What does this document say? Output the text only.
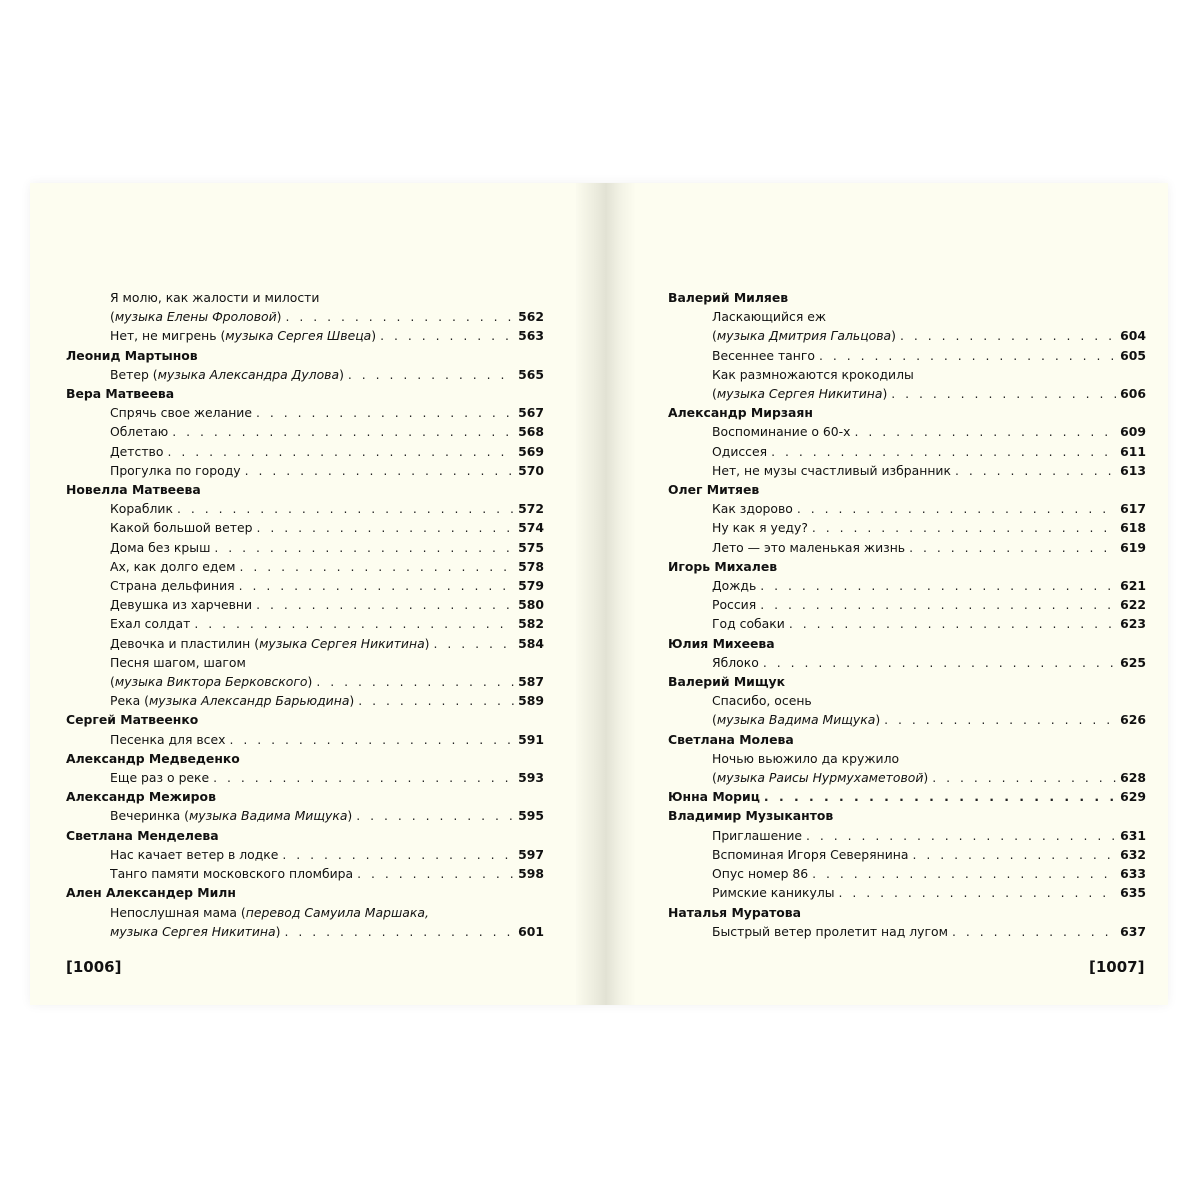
Я молю, как жалости и милости
(музыка Елены Фроловой) . . .	562
Нет, не мигрень (музыка Сергея Швеца) . . .	563
Леонид Мартынов
Ветер (музыка Александра Дулова) . . .	565
Вера Матвеева
Спрячь свое желание . . .	567
Облетаю . . .	568
Детство . . .	569
Прогулка по городу . . .	570
Новелла Матвеева
Кораблик . . .	572
Какой большой ветер . . .	574
Дома без крыш . . .	575
Ах, как долго едем . . .	578
Страна дельфиния . . .	579
Девушка из харчевни . . .	580
Ехал солдат . . .	582
Девочка и пластилин (музыка Сергея Никитина) . . .	584
Песня шагом, шагом
(музыка Виктора Берковского) . . .	587
Река (музыка Александр Барьюдина) . . .	589
Сергей Матвеенко
Песенка для всех . . .	591
Александр Медведенко
Еще раз о реке . . .	593
Александр Межиров
Вечеринка (музыка Вадима Мищука) . . .	595
Светлана Менделева
Нас качает ветер в лодке . . .	597
Танго памяти московского пломбира . . .	598
Ален Александер Милн
Непослушная мама (перевод Самуила Маршака,
музыка Сергея Никитина) . . .	601
Валерий Миляев
Ласкающийся еж
(музыка Дмитрия Гальцова) . . .	604
Весеннее танго . . .	605
Как размножаются крокодилы
(музыка Сергея Никитина) . . .	606
Александр Мирзаян
Воспоминание о 60-х . . .	609
Одиссея . . .	611
Нет, не музы счастливый избранник . . .	613
Олег Митяев
Как здорово . . .	617
Ну как я уеду? . . .	618
Лето — это маленькая жизнь . . .	619
Игорь Михалев
Дождь . . .	621
Россия . . .	622
Год собаки . . .	623
Юлия Михеева
Яблоко . . .	625
Валерий Мищук
Спасибо, осень
(музыка Вадима Мищука) . . .	626
Светлана Молева
Ночью вьюжило да кружило
(музыка Раисы Нурмухаметовой) . . .	628
Юнна Мориц . . .	629
Владимир Музыкантов
Приглашение . . .	631
Вспоминая Игоря Северянина . . .	632
Опус номер 86 . . .	633
Римские каникулы . . .	635
Наталья Муратова
Быстрый ветер пролетит над лугом . . .	637
[1006]	[1007]
